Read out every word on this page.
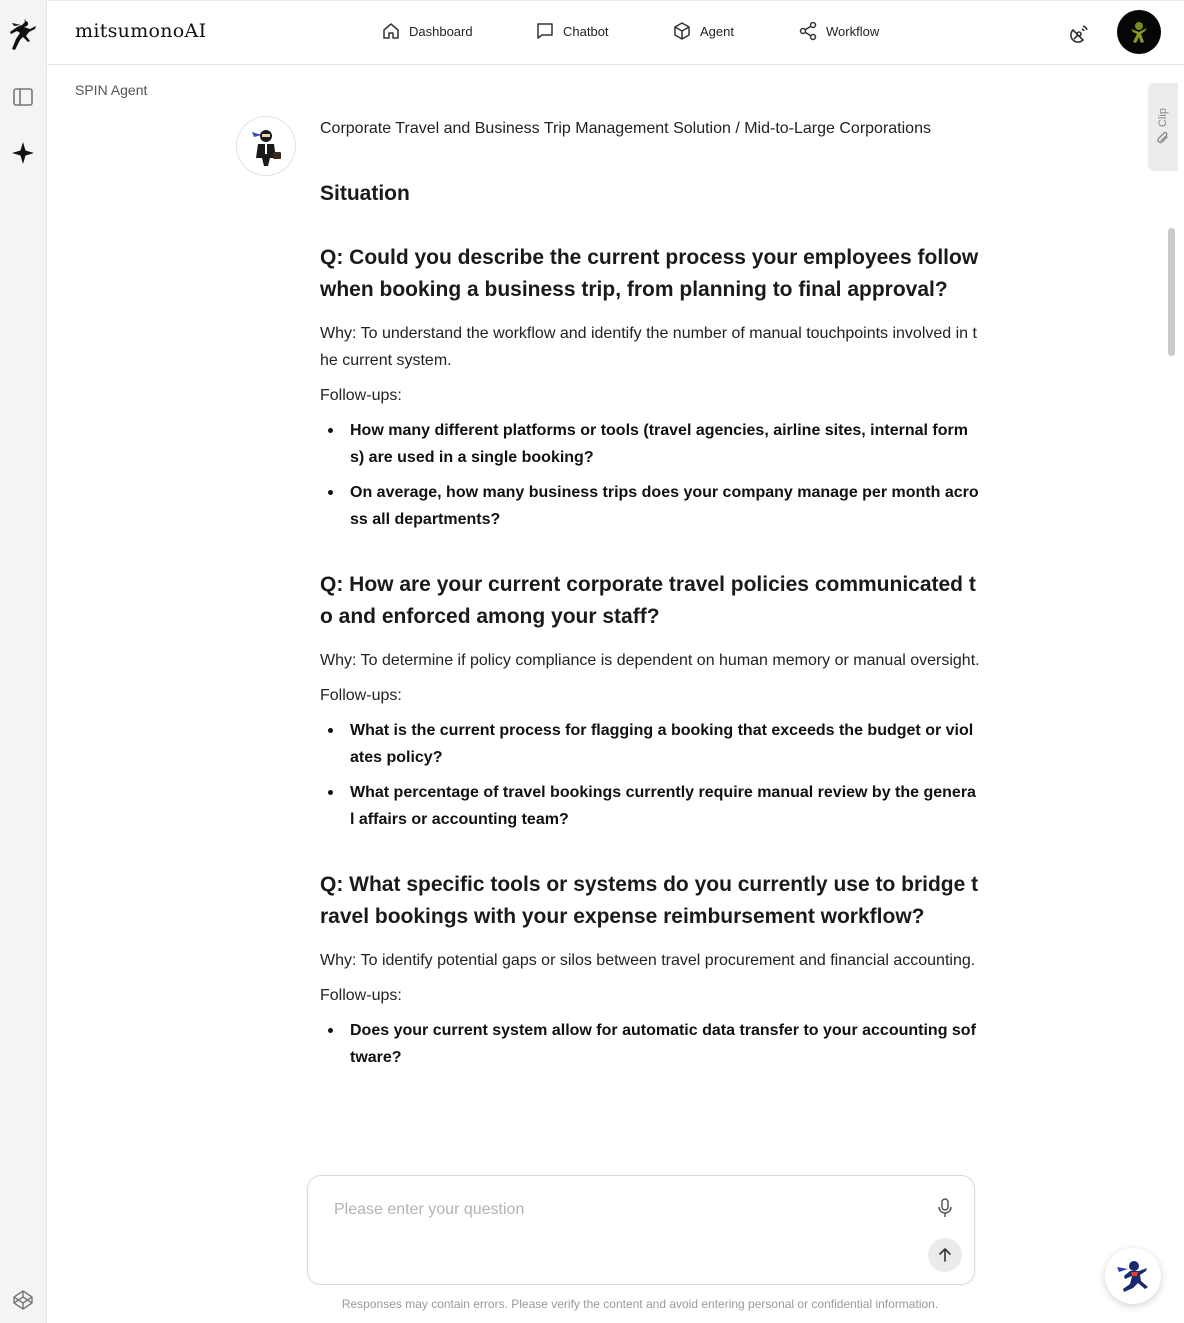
mitsumonoAI	Dashboard	Chatbot	Agent	Workflow
SPIN Agent
Clip

Corporate Travel and Business Trip Management Solution / Mid-to-Large Corporations

Situation
Q: Could you describe the current process your employees follow when booking a business trip, from planning to final approval?

Why: To understand the workflow and identify the number of manual touchpoints involved in the current system.

Follow-ups:

How many different platforms or tools (travel agencies, airline sites, internal forms) are used in a single booking?
On average, how many business trips does your company manage per month across all departments?
Q: How are your current corporate travel policies communicated to and enforced among your staff?

Why: To determine if policy compliance is dependent on human memory or manual oversight.

Follow-ups:

What is the current process for flagging a booking that exceeds the budget or violates policy?
What percentage of travel bookings currently require manual review by the general affairs or accounting team?
Q: What specific tools or systems do you currently use to bridge travel bookings with your expense reimbursement workflow?

Why: To identify potential gaps or silos between travel procurement and financial accounting.

Follow-ups:

Does your current system allow for automatic data transfer to your accounting software?
Please enter your question
Responses may contain errors. Please verify the content and avoid entering personal or confidential information.
